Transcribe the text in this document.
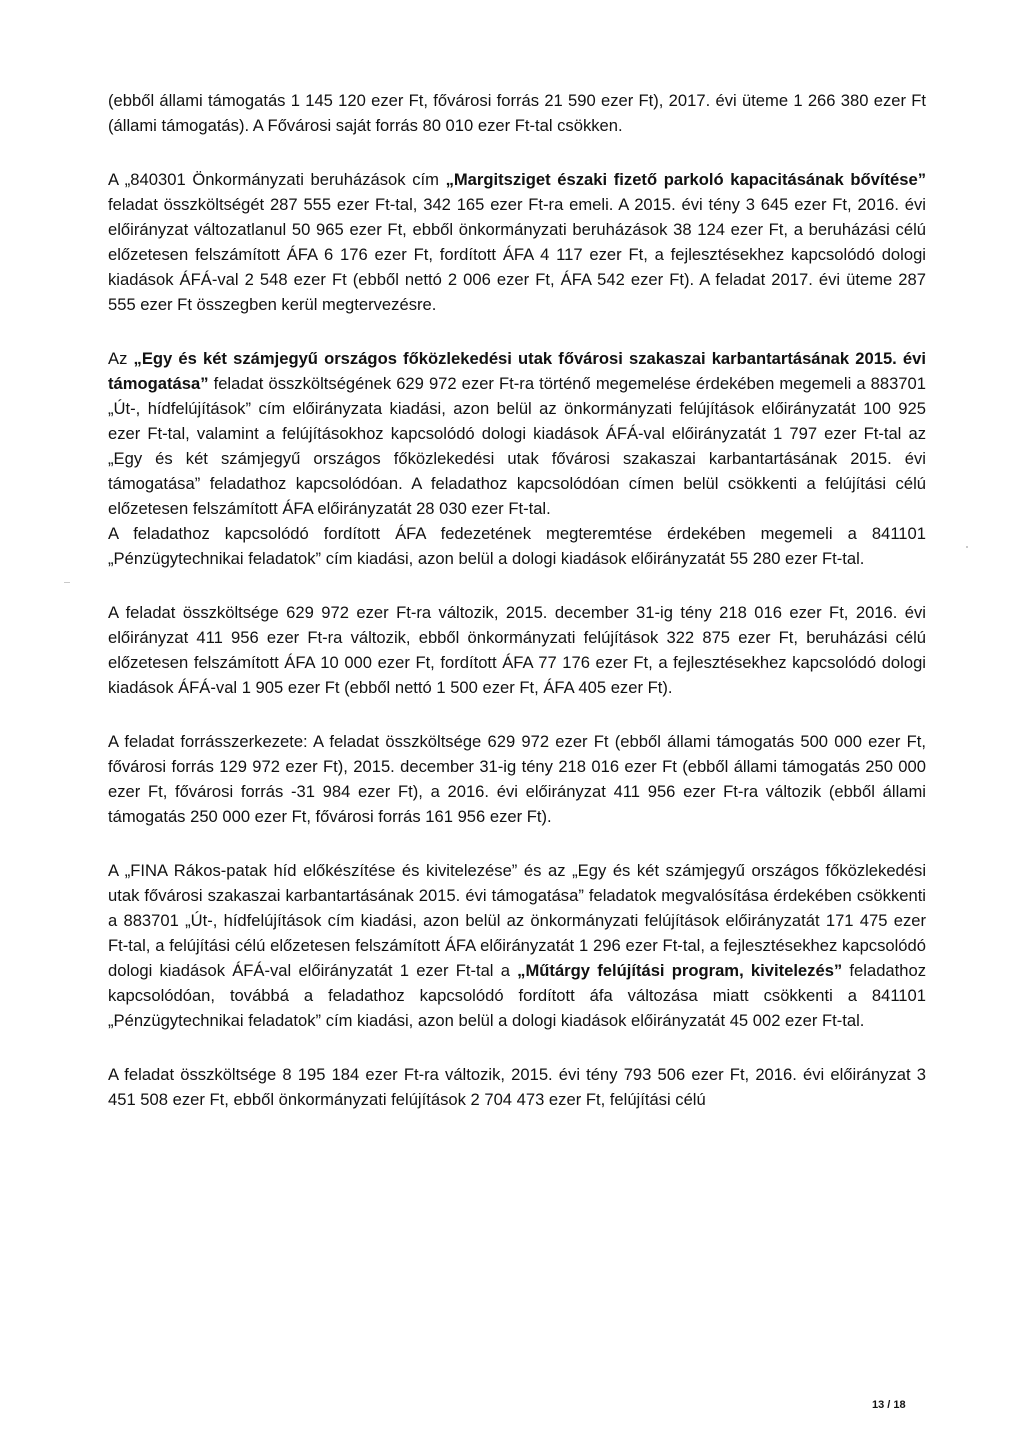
(ebből állami támogatás 1 145 120 ezer Ft, fővárosi forrás 21 590 ezer Ft), 2017. évi üteme 1 266 380 ezer Ft (állami támogatás). A Fővárosi saját forrás 80 010 ezer Ft-tal csökken.

A „840301 Önkormányzati beruházások cím „Margitsziget északi fizető parkoló kapacitásának bővítése” feladat összköltségét 287 555 ezer Ft-tal, 342 165 ezer Ft-ra emeli. A 2015. évi tény 3 645 ezer Ft, 2016. évi előirányzat változatlanul 50 965 ezer Ft, ebből önkormányzati beruházások 38 124 ezer Ft, a beruházási célú előzetesen felszámított ÁFA 6 176 ezer Ft, fordított ÁFA 4 117 ezer Ft, a fejlesztésekhez kapcsolódó dologi kiadások ÁFÁ-val 2 548 ezer Ft (ebből nettó 2 006 ezer Ft, ÁFA 542 ezer Ft). A feladat 2017. évi üteme 287 555 ezer Ft összegben kerül megtervezésre.

Az „Egy és két számjegyű országos főközlekedési utak fővárosi szakaszai karbantartásának 2015. évi támogatása” feladat összköltségének 629 972 ezer Ft-ra történő megemelése érdekében megemeli a 883701 „Út-, hídfelújítások” cím előirányzata kiadási, azon belül az önkormányzati felújítások előirányzatát 100 925 ezer Ft-tal, valamint a felújításokhoz kapcsolódó dologi kiadások ÁFÁ-val előirányzatát 1 797 ezer Ft-tal az „Egy és két számjegyű országos főközlekedési utak fővárosi szakaszai karbantartásának 2015. évi támogatása” feladathoz kapcsolódóan. A feladathoz kapcsolódóan címen belül csökkenti a felújítási célú előzetesen felszámított ÁFA előirányzatát 28 030 ezer Ft-tal.

A feladathoz kapcsolódó fordított ÁFA fedezetének megteremtése érdekében megemeli a 841101 „Pénzügytechnikai feladatok” cím kiadási, azon belül a dologi kiadások előirányzatát 55 280 ezer Ft-tal.

A feladat összköltsége 629 972 ezer Ft-ra változik, 2015. december 31-ig tény 218 016 ezer Ft, 2016. évi előirányzat 411 956 ezer Ft-ra változik, ebből önkormányzati felújítások 322 875 ezer Ft, beruházási célú előzetesen felszámított ÁFA 10 000 ezer Ft, fordított ÁFA 77 176 ezer Ft, a fejlesztésekhez kapcsolódó dologi kiadások ÁFÁ-val 1 905 ezer Ft (ebből nettó 1 500 ezer Ft, ÁFA 405 ezer Ft).

A feladat forrásszerkezete: A feladat összköltsége 629 972 ezer Ft (ebből állami támogatás 500 000 ezer Ft, fővárosi forrás 129 972 ezer Ft), 2015. december 31-ig tény 218 016 ezer Ft (ebből állami támogatás 250 000 ezer Ft, fővárosi forrás -31 984 ezer Ft), a 2016. évi előirányzat 411 956 ezer Ft-ra változik (ebből állami támogatás 250 000 ezer Ft, fővárosi forrás 161 956 ezer Ft).

A „FINA Rákos-patak híd előkészítése és kivitelezése” és az „Egy és két számjegyű országos főközlekedési utak fővárosi szakaszai karbantartásának 2015. évi támogatása” feladatok megvalósítása érdekében csökkenti a 883701 „Út-, hídfelújítások cím kiadási, azon belül az önkormányzati felújítások előirányzatát 171 475 ezer Ft-tal, a felújítási célú előzetesen felszámított ÁFA előirányzatát 1 296 ezer Ft-tal, a fejlesztésekhez kapcsolódó dologi kiadások ÁFÁ-val előirányzatát 1 ezer Ft-tal a „Műtárgy felújítási program, kivitelezés” feladathoz kapcsolódóan, továbbá a feladathoz kapcsolódó fordított áfa változása miatt csökkenti a 841101 „Pénzügytechnikai feladatok” cím kiadási, azon belül a dologi kiadások előirányzatát 45 002 ezer Ft-tal.

A feladat összköltsége 8 195 184 ezer Ft-ra változik, 2015. évi tény 793 506 ezer Ft, 2016. évi előirányzat 3 451 508 ezer Ft, ebből önkormányzati felújítások 2 704 473 ezer Ft, felújítási célú

13 / 18
